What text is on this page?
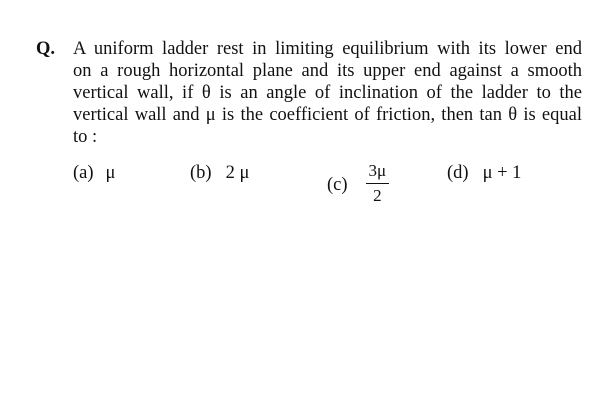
Q. A uniform ladder rest in limiting equilibrium with its lower end
on a rough horizontal plane and its upper end against a smooth
vertical wall, if θ is an angle of inclination of the ladder to the
vertical wall and μ is the coefficient of friction, then tan θ is equal
to :
(a) μ	(b) 2 μ
$(c) \frac{3\mu}{2}$	(d) μ + 1
